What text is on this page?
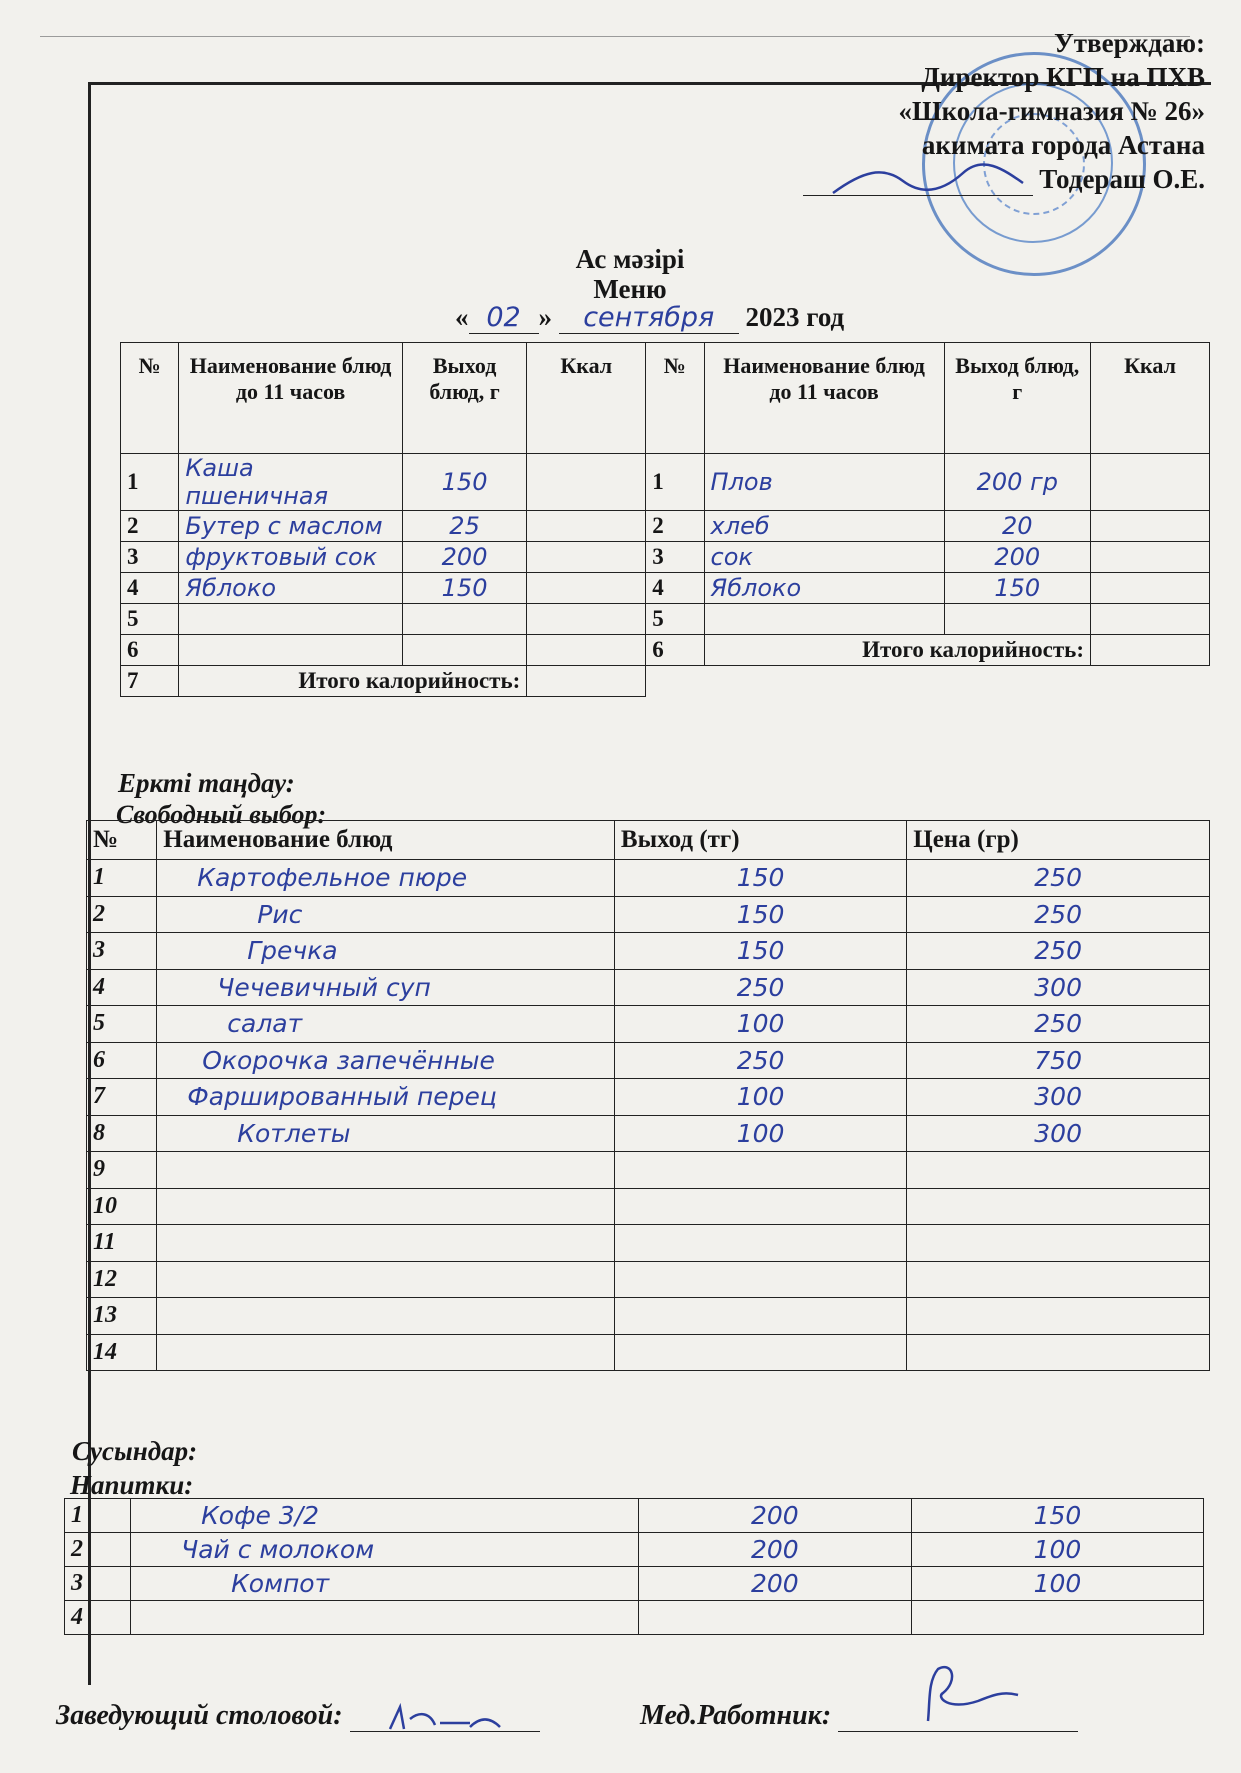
Утверждаю:
Директор КГП на ПХВ
«Школа-гимназия № 26»
акимата города Астана
Тодераш О.Е.
Ас мәзірі
Меню
« 02 » сентября 2023 год
№	Наименование блюд до 11 часов	Выход блюд, г	Ккал	№	Наименование блюд до 11 часов	Выход блюд, г	Ккал
1	Каша пшеничная	150		1	Плов	200 гр	
2	Бутер с маслом	25		2	хлеб	20	
3	фруктовый сок	200		3	сок	200	
4	Яблоко	150		4	Яблоко	150	
5				5			
6				6	Итого калорийность:		
7	Итого калорийность:						
Еркті таңдау:
Свободный выбор:
№	Наименование блюд	Выход (тг)	Цена (гр)
1	Картофельное пюре	150	250
2	Рис	150	250
3	Гречка	150	250
4	Чечевичный суп	250	300
5	салат	100	250
6	Окорочка запечённые	250	750
7	Фаршированный перец	100	300
8	Котлеты	100	300
9			
10			
11			
12			
13			
14			
Сусындар:
Напитки:
1	Кофе 3/2	200	150
2	Чай с молоком	200	100
3	Компот	200	100
4			
Заведующий столовой:	Мед.Работник:
